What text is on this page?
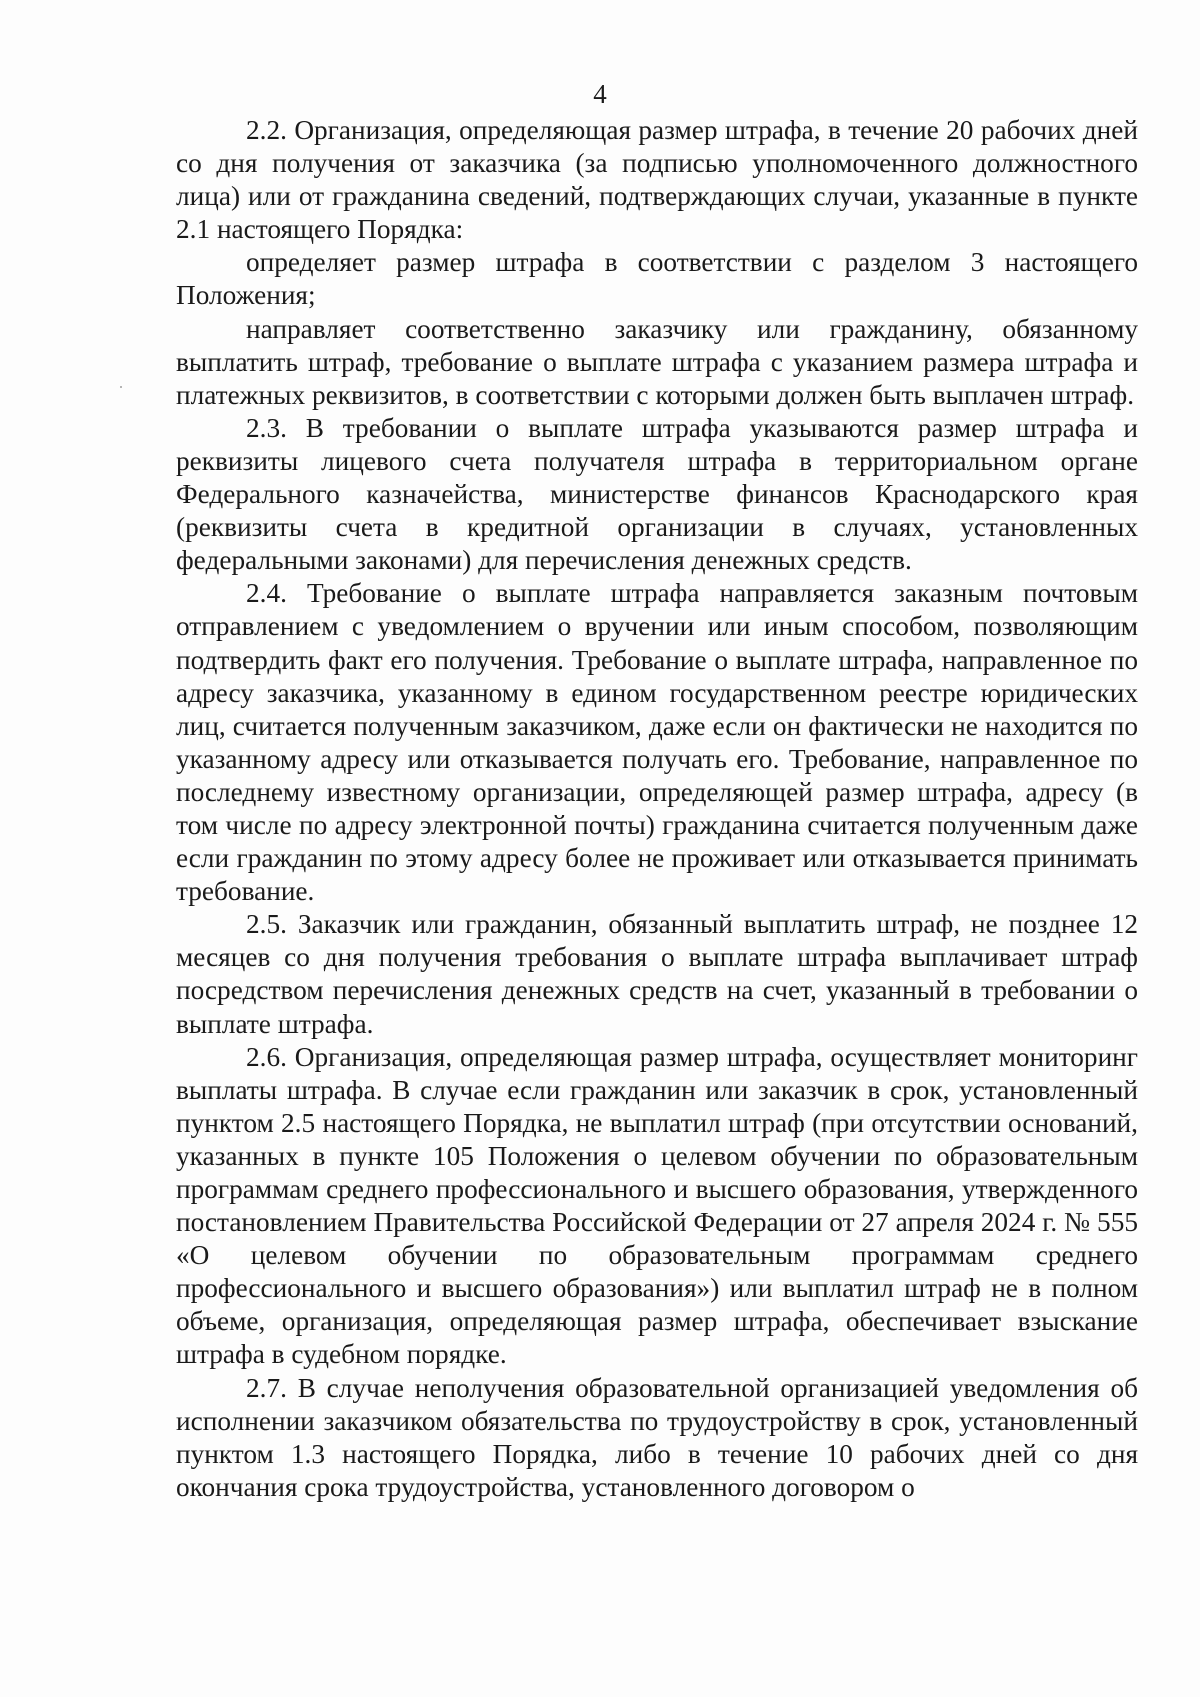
4

2.2. Организация, определяющая размер штрафа, в течение 20 рабочих дней со дня получения от заказчика (за подписью уполномоченного должностного лица) или от гражданина сведений, подтверждающих случаи, указанные в пункте 2.1 настоящего Порядка:

определяет размер штрафа в соответствии с разделом 3 настоящего Положения;

направляет соответственно заказчику или гражданину, обязанному выплатить штраф, требование о выплате штрафа с указанием размера штрафа и платежных реквизитов, в соответствии с которыми должен быть выплачен штраф.

2.3. В требовании о выплате штрафа указываются размер штрафа и реквизиты лицевого счета получателя штрафа в территориальном органе Федерального казначейства, министерстве финансов Краснодарского края (реквизиты счета в кредитной организации в случаях, установленных федеральными законами) для перечисления денежных средств.

2.4. Требование о выплате штрафа направляется заказным почтовым отправлением с уведомлением о вручении или иным способом, позволяющим подтвердить факт его получения. Требование о выплате штрафа, направленное по адресу заказчика, указанному в едином государственном реестре юридических лиц, считается полученным заказчиком, даже если он фактически не находится по указанному адресу или отказывается получать его. Требование, направленное по последнему известному организации, определяющей размер штрафа, адресу (в том числе по адресу электронной почты) гражданина считается полученным даже если гражданин по этому адресу более не проживает или отказывается принимать требование.

2.5. Заказчик или гражданин, обязанный выплатить штраф, не позднее 12 месяцев со дня получения требования о выплате штрафа выплачивает штраф посредством перечисления денежных средств на счет, указанный в требовании о выплате штрафа.

2.6. Организация, определяющая размер штрафа, осуществляет мониторинг выплаты штрафа. В случае если гражданин или заказчик в срок, установленный пунктом 2.5 настоящего Порядка, не выплатил штраф (при отсутствии оснований, указанных в пункте 105 Положения о целевом обучении по образовательным программам среднего профессионального и высшего образования, утвержденного постановлением Правительства Российской Федерации от 27 апреля 2024 г. № 555 «О целевом обучении по образовательным программам среднего профессионального и высшего образования») или выплатил штраф не в полном объеме, организация, определяющая размер штрафа, обеспечивает взыскание штрафа в судебном порядке.

2.7. В случае неполучения образовательной организацией уведомления об исполнении заказчиком обязательства по трудоустройству в срок, установленный пунктом 1.3 настоящего Порядка, либо в течение 10 рабочих дней со дня окончания срока трудоустройства, установленного договором о
